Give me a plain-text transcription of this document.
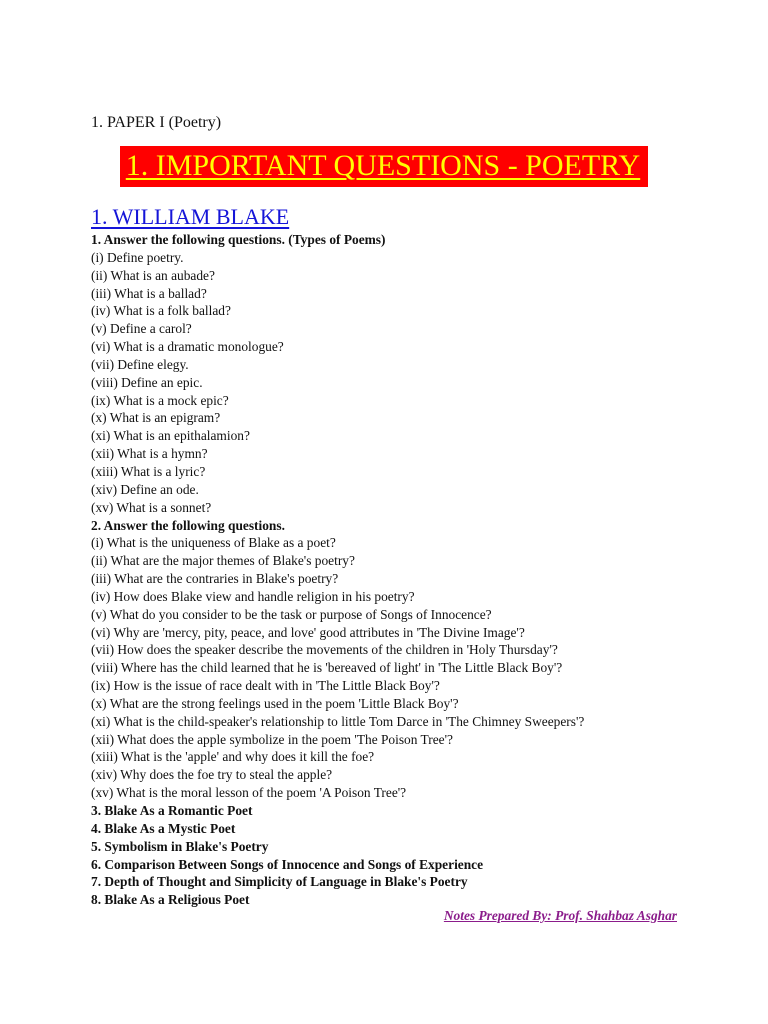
1. PAPER I (Poetry)
1. IMPORTANT QUESTIONS - POETRY
1. WILLIAM BLAKE
1. Answer the following questions. (Types of Poems)
(i) Define poetry.
(ii) What is an aubade?
(iii) What is a ballad?
(iv) What is a folk ballad?
(v) Define a carol?
(vi) What is a dramatic monologue?
(vii) Define elegy.
(viii) Define an epic.
(ix) What is a mock epic?
(x) What is an epigram?
(xi) What is an epithalamion?
(xii) What is a hymn?
(xiii) What is a lyric?
(xiv) Define an ode.
(xv) What is a sonnet?
2. Answer the following questions.
(i) What is the uniqueness of Blake as a poet?
(ii) What are the major themes of Blake's poetry?
(iii) What are the contraries in Blake's poetry?
(iv) How does Blake view and handle religion in his poetry?
(v) What do you consider to be the task or purpose of Songs of Innocence?
(vi) Why are 'mercy, pity, peace, and love' good attributes in 'The Divine Image'?
(vii) How does the speaker describe the movements of the children in 'Holy Thursday'?
(viii) Where has the child learned that he is 'bereaved of light' in 'The Little Black Boy'?
(ix) How is the issue of race dealt with in 'The Little Black Boy'?
(x) What are the strong feelings used in the poem 'Little Black Boy'?
(xi) What is the child-speaker's relationship to little Tom Darce in 'The Chimney Sweepers'?
(xii) What does the apple symbolize in the poem 'The Poison Tree'?
(xiii) What is the 'apple' and why does it kill the foe?
(xiv) Why does the foe try to steal the apple?
(xv) What is the moral lesson of the poem 'A Poison Tree'?
3. Blake As a Romantic Poet
4. Blake As a Mystic Poet
5. Symbolism in Blake's Poetry
6. Comparison Between Songs of Innocence and Songs of Experience
7. Depth of Thought and Simplicity of Language in Blake's Poetry
8. Blake As a Religious Poet
Notes Prepared By: Prof. Shahbaz Asghar
